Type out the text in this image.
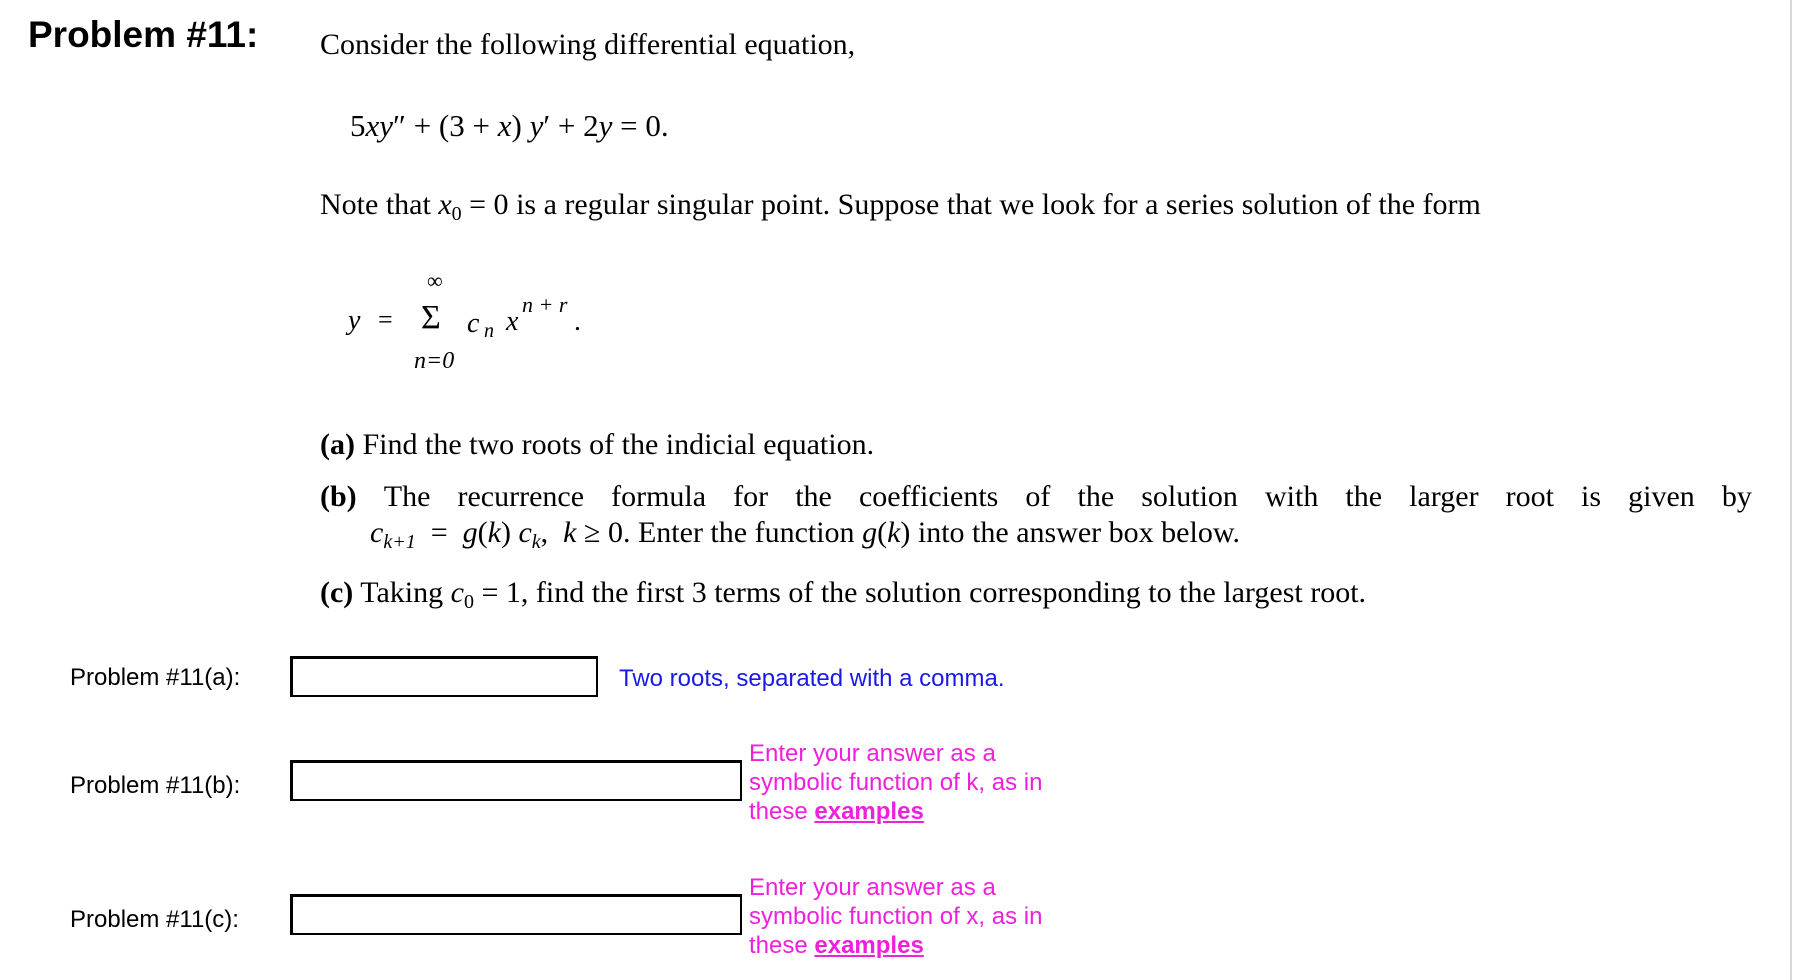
Problem #11: Consider the following differential equation,
5xy″ + (3 + x) y′ + 2y = 0.
Note that $x_0 = 0$ is a regular singular point. Suppose that we look for a series solution of the form
y =
∞
Σ
n=0
c n x
n + r
.
(a) Find the two roots of the indicial equation.
(b) The recurrence formula for the coefficients of the solution with the larger root is given by
$c_{k+1} = g(k)$ $c_k$, k ≥ 0. Enter the function g(k) into the answer box below.
(c) Taking $c_0 = 1$, find the first 3 terms of the solution corresponding to the largest root.
Problem #11(a):	Two roots, separated with a comma.
Problem #11(b):
Enter your answer as a symbolic function of k, as in these examples
Problem #11(c):
Enter your answer as a symbolic function of x, as in these examples
